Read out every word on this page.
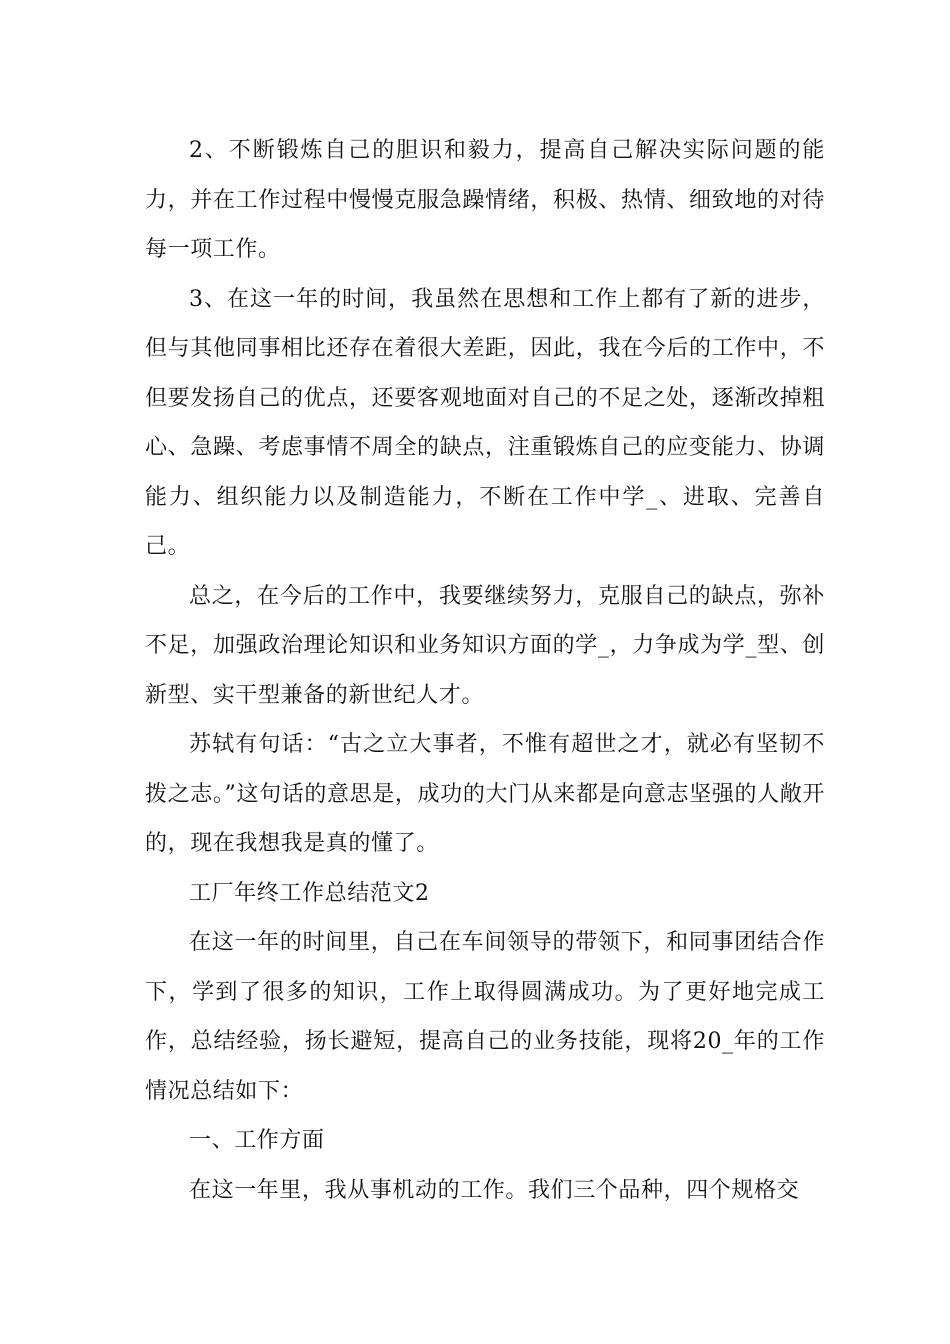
2、不断锻炼自己的胆识和毅力，提高自己解决实际问题的能力，并在工作过程中慢慢克服急躁情绪，积极、热情、细致地的对待每一项工作。

3、在这一年的时间，我虽然在思想和工作上都有了新的进步，但与其他同事相比还存在着很大差距，因此，我在今后的工作中，不但要发扬自己的优点，还要客观地面对自己的不足之处，逐渐改掉粗心、急躁、考虑事情不周全的缺点，注重锻炼自己的应变能力、协调能力、组织能力以及制造能力，不断在工作中学_、进取、完善自己。

总之，在今后的工作中，我要继续努力，克服自己的缺点，弥补不足，加强政治理论知识和业务知识方面的学_，力争成为学_型、创新型、实干型兼备的新世纪人才。

苏轼有句话：“古之立大事者，不惟有超世之才，就必有坚韧不拨之志。”这句话的意思是，成功的大门从来都是向意志坚强的人敞开的，现在我想我是真的懂了。

工厂年终工作总结范文2

在这一年的时间里，自己在车间领导的带领下，和同事团结合作下，学到了很多的知识，工作上取得圆满成功。为了更好地完成工作，总结经验，扬长避短，提高自己的业务技能，现将20_年的工作情况总结如下：

一、工作方面

在这一年里，我从事机动的工作。我们三个品种，四个规格交
